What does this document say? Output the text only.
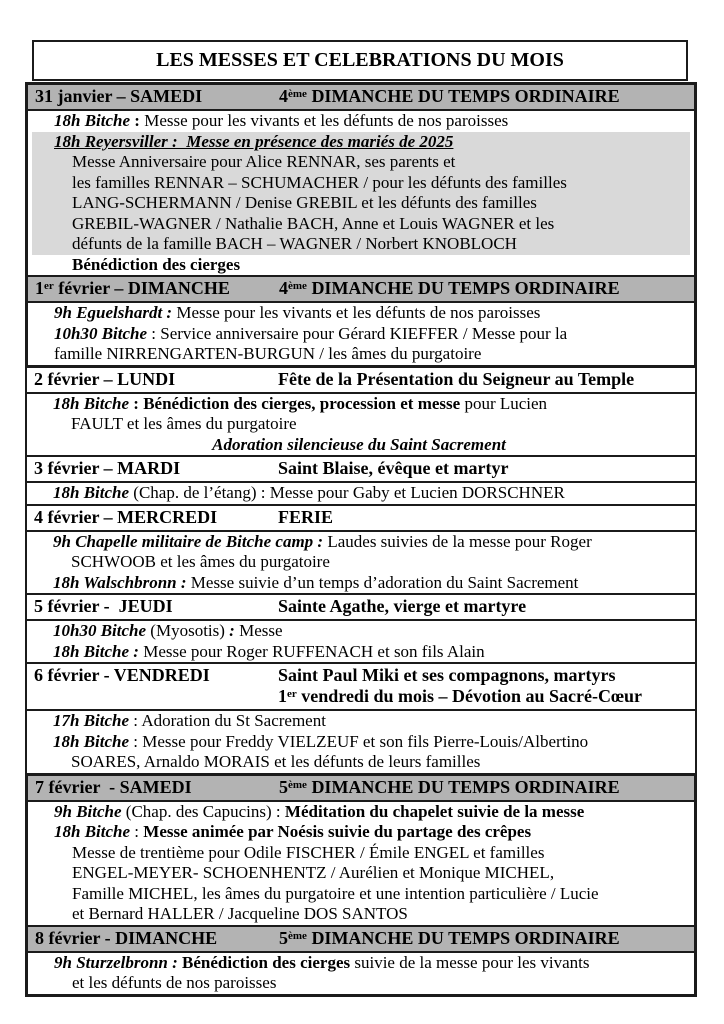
LES MESSES ET CELEBRATIONS DU MOIS
31 janvier – SAMEDI	4ème DIMANCHE DU TEMPS ORDINAIRE
18h Bitche : Messe pour les vivants et les défunts de nos paroisses
18h Reyersviller :  Messe en présence des mariés de 2025
Messe Anniversaire pour Alice RENNAR, ses parents et
les familles RENNAR – SCHUMACHER / pour les défunts des familles
LANG-SCHERMANN / Denise GREBIL et les défunts des familles
GREBIL-WAGNER / Nathalie BACH, Anne et Louis WAGNER et les
défunts de la famille BACH – WAGNER / Norbert KNOBLOCH
Bénédiction des cierges
1er février – DIMANCHE	4ème DIMANCHE DU TEMPS ORDINAIRE
9h Eguelshardt : Messe pour les vivants et les défunts de nos paroisses
10h30 Bitche : Service anniversaire pour Gérard KIEFFER / Messe pour la
famille NIRRENGARTEN-BURGUN / les âmes du purgatoire
2 février – LUNDI	Fête de la Présentation du Seigneur au Temple
18h Bitche : Bénédiction des cierges, procession et messe pour Lucien
FAULT et les âmes du purgatoire
Adoration silencieuse du Saint Sacrement
3 février – MARDI	Saint Blaise, évêque et martyr
18h Bitche (Chap. de l’étang) : Messe pour Gaby et Lucien DORSCHNER
4 février – MERCREDI	FERIE
9h Chapelle militaire de Bitche camp : Laudes suivies de la messe pour Roger
SCHWOOB et les âmes du purgatoire
18h Walschbronn : Messe suivie d’un temps d’adoration du Saint Sacrement
5 février -  JEUDI	Sainte Agathe, vierge et martyre
10h30 Bitche (Myosotis) : Messe
18h Bitche : Messe pour Roger RUFFENACH et son fils Alain
6 février - VENDREDI	Saint Paul Miki et ses compagnons, martyrs
1er vendredi du mois – Dévotion au Sacré-Cœur
17h Bitche : Adoration du St Sacrement
18h Bitche : Messe pour Freddy VIELZEUF et son fils Pierre-Louis/Albertino
SOARES, Arnaldo MORAIS et les défunts de leurs familles
7 février  - SAMEDI	5ème DIMANCHE DU TEMPS ORDINAIRE
9h Bitche (Chap. des Capucins) : Méditation du chapelet suivie de la messe
18h Bitche : Messe animée par Noésis suivie du partage des crêpes
Messe de trentième pour Odile FISCHER / Émile ENGEL et familles
ENGEL-MEYER- SCHOENHENTZ / Aurélien et Monique MICHEL,
Famille MICHEL, les âmes du purgatoire et une intention particulière / Lucie
et Bernard HALLER / Jacqueline DOS SANTOS
8 février - DIMANCHE	5ème DIMANCHE DU TEMPS ORDINAIRE
9h Sturzelbronn : Bénédiction des cierges suivie de la messe pour les vivants
et les défunts de nos paroisses
